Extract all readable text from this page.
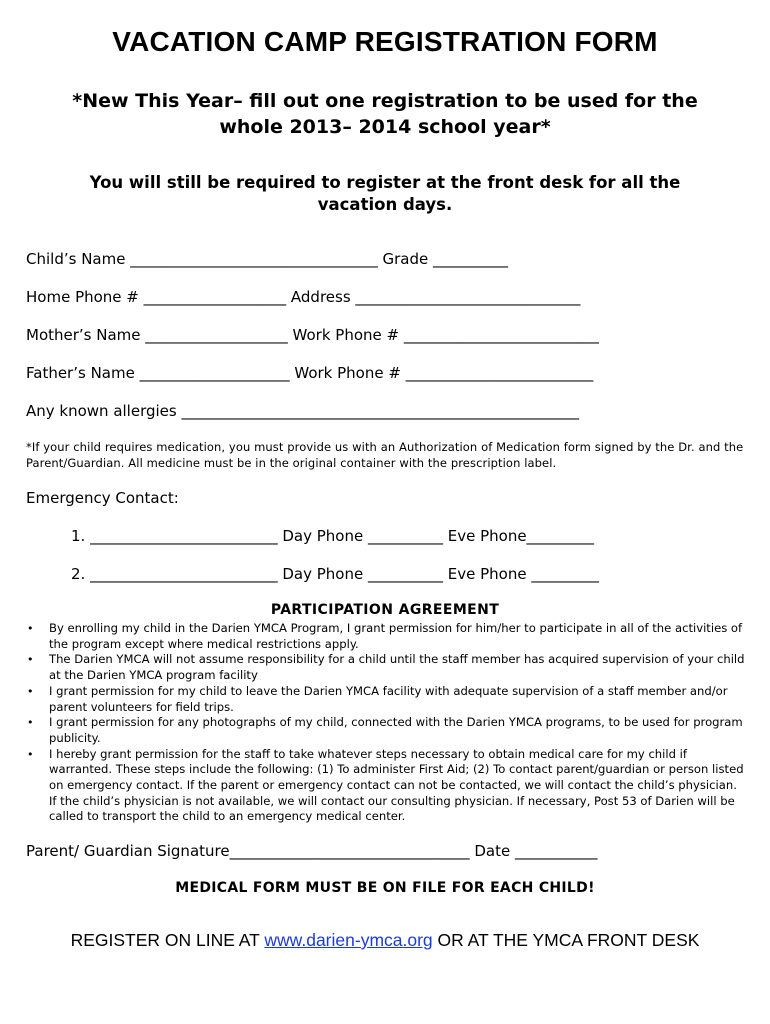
VACATION CAMP REGISTRATION FORM
*New This Year– fill out one registration to be used for the whole 2013– 2014 school year*
You will still be required to register at the front desk for all the vacation days.
Child’s Name _________________________________ Grade __________
Home Phone # ___________________ Address ______________________________
Mother’s Name ___________________ Work Phone # __________________________
Father’s Name ____________________ Work Phone # _________________________
Any known allergies _____________________________________________________
*If your child requires medication, you must provide us with an Authorization of Medication form signed by the Dr. and the Parent/Guardian. All medicine must be in the original container with the prescription label.
Emergency Contact:
1. _________________________ Day Phone __________ Eve Phone_________
2. _________________________ Day Phone __________ Eve Phone _________
PARTICIPATION AGREEMENT
• By enrolling my child in the Darien YMCA Program, I grant permission for him/her to participate in all of the activities of the program except where medical restrictions apply.
• The Darien YMCA will not assume responsibility for a child until the staff member has acquired supervision of your child at the Darien YMCA program facility
• I grant permission for my child to leave the Darien YMCA facility with adequate supervision of a staff member and/or parent volunteers for field trips.
• I grant permission for any photographs of my child, connected with the Darien YMCA programs, to be used for program publicity.
• I hereby grant permission for the staff to take whatever steps necessary to obtain medical care for my child if warranted. These steps include the following: (1) To administer First Aid; (2) To contact parent/guardian or person listed on emergency contact. If the parent or emergency contact can not be contacted, we will contact the child’s physician. If the child’s physician is not available, we will contact our consulting physician. If necessary, Post 53 of Darien will be called to transport the child to an emergency medical center.
Parent/ Guardian Signature________________________________ Date ___________
MEDICAL FORM MUST BE ON FILE FOR EACH CHILD!
REGISTER ON LINE AT www.darien-ymca.org OR AT THE YMCA FRONT DESK
